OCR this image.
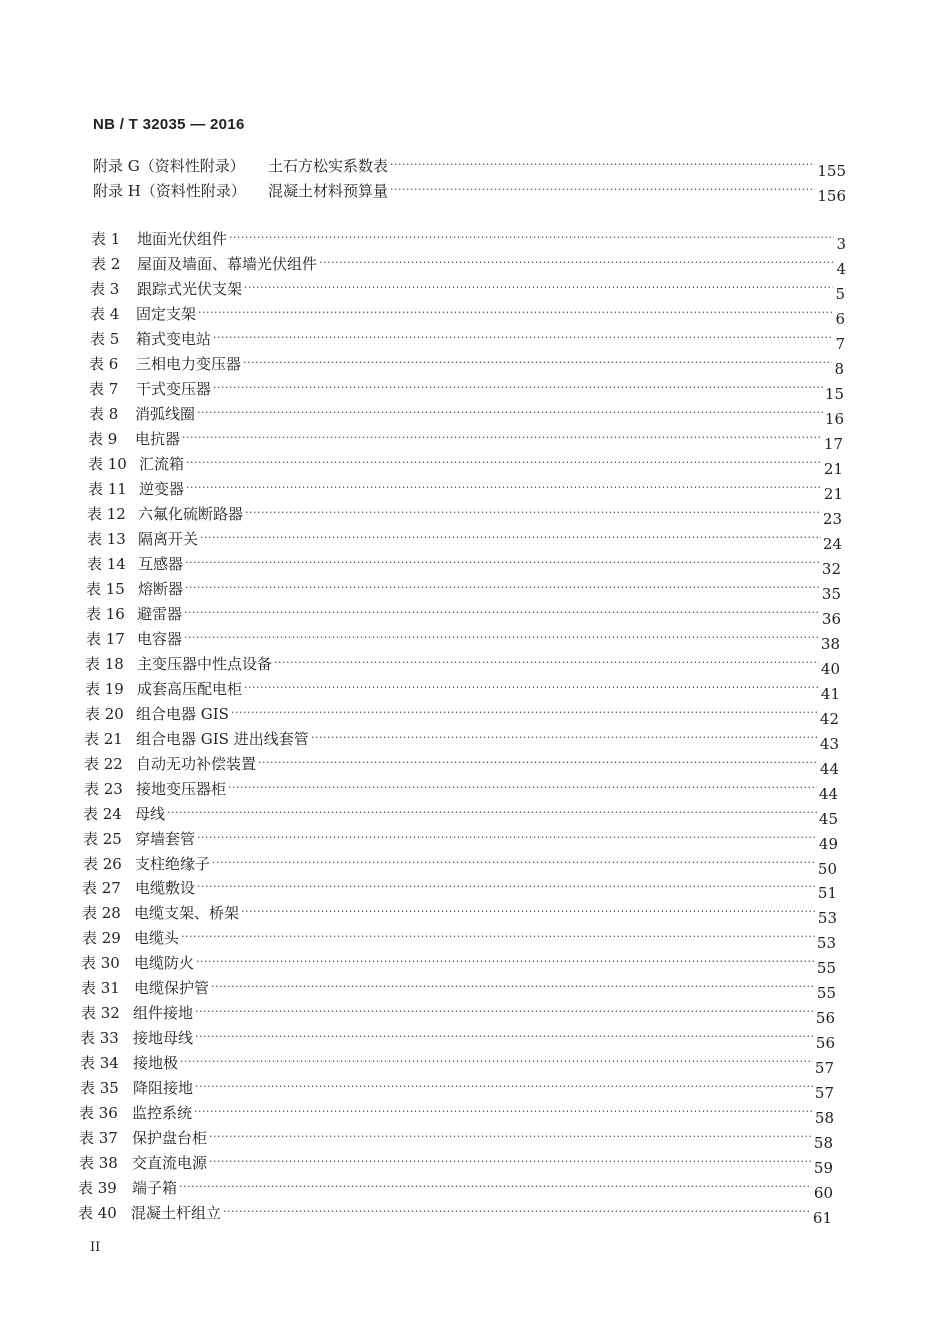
NB / T 32035 — 2016
附录 G（资料性附录） 土石方松实系数表 ·····	155
附录 H（资料性附录） 混凝土材料预算量 ·····	156
表 1 地面光伏组件 ·····	3
表 2 屋面及墙面、幕墙光伏组件 ·····	4
表 3 跟踪式光伏支架 ·····	5
表 4 固定支架 ·····	6
表 5 箱式变电站 ·····	7
表 6 三相电力变压器 ·····	8
表 7 干式变压器 ·····	15
表 8 消弧线圈 ·····	16
表 9 电抗器 ·····	17
表 10 汇流箱 ·····	21
表 11 逆变器 ·····	21
表 12 六氟化硫断路器 ·····	23
表 13 隔离开关 ·····	24
表 14 互感器 ·····	32
表 15 熔断器 ·····	35
表 16 避雷器 ·····	36
表 17 电容器 ·····	38
表 18 主变压器中性点设备 ·····	40
表 19 成套高压配电柜 ·····	41
表 20 组合电器 GIS ·····	42
表 21 组合电器 GIS 进出线套管 ·····	43
表 22 自动无功补偿装置 ·····	44
表 23 接地变压器柜 ·····	44
表 24 母线 ·····	45
表 25 穿墙套管 ·····	49
表 26 支柱绝缘子 ·····	50
表 27 电缆敷设 ·····	51
表 28 电缆支架、桥架 ·····	53
表 29 电缆头 ·····	53
表 30 电缆防火 ·····	55
表 31 电缆保护管 ·····	55
表 32 组件接地 ·····	56
表 33 接地母线 ·····	56
表 34 接地极 ·····	57
表 35 降阻接地 ·····	57
表 36 监控系统 ·····	58
表 37 保护盘台柜 ·····	58
表 38 交直流电源 ·····	59
表 39 端子箱 ·····	60
表 40 混凝土杆组立 ·····	61
II
